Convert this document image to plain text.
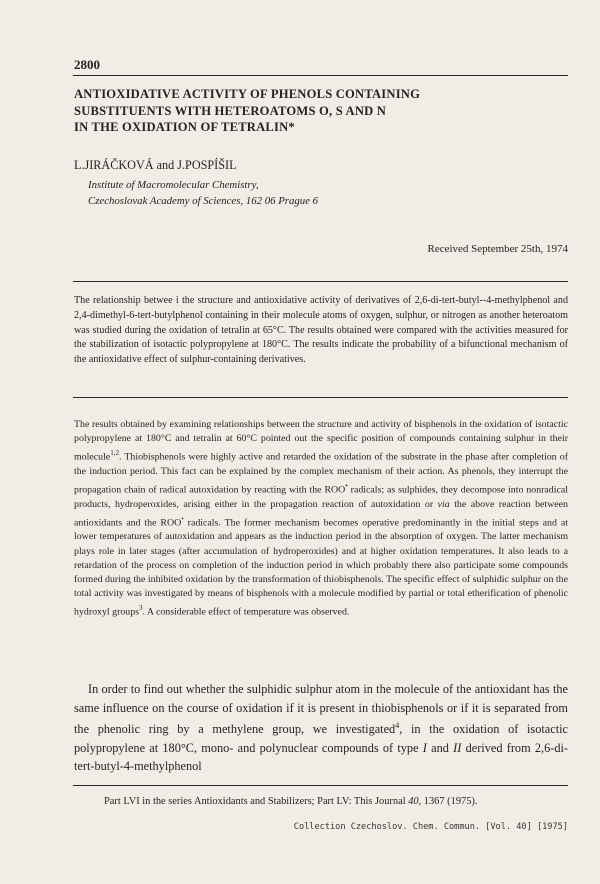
2800
ANTIOXIDATIVE ACTIVITY OF PHENOLS CONTAINING
SUBSTITUENTS WITH HETEROATOMS O, S AND N
IN THE OXIDATION OF TETRALIN*
L.JIRÁČKOVÁ and J.POSPÍŠIL
Institute of Macromolecular Chemistry,
Czechoslovak Academy of Sciences, 162 06 Prague 6
Received September 25th, 1974

The relationship betwee i the structure and antioxidative activity of derivatives of 2,6-di-tert-butyl--4-methylphenol and 2,4-dimethyl-6-tert-butylphenol containing in their molecule atoms of oxygen, sulphur, or nitrogen as another heteroatom was studied during the oxidation of tetralin at 65°C. The results obtained were compared with the activities measured for the stabilization of isotactic polypropylene at 180°C. The results indicate the probability of a bifunctional mechanism of the antioxidative effect of sulphur-containing derivatives.

The results obtained by examining relationships between the structure and activity of bisphenols in the oxidation of isotactic polypropylene at 180°C and tetralin at 60°C pointed out the specific position of compounds containing sulphur in their molecule$^{1,2}$. Thiobisphenols were highly active and retarded the oxidation of the substrate in the phase after completion of the induction period. This fact can be explained by the complex mechanism of their action. As phenols, they interrupt the propagation chain of radical autoxidation by reacting with the ROO• radicals; as sulphides, they decompose into nonradical products, hydroperoxides, arising either in the propagation reaction of autoxidation or via the above reaction between antioxidants and the ROO• radicals. The former mechanism becomes operative predominantly in the initial steps and at lower temperatures of autoxidation and appears as the induction period in the absorption of oxygen. The latter mechanism plays role in later stages (after accumulation of hydroperoxides) and at higher oxidation temperatures. It also leads to a retardation of the process on completion of the induction period in which probably there also participate some compounds formed during the inhibited oxidation by the transformation of thiobisphenols. The specific effect of sulphidic sulphur on the total activity was investigated by means of bisphenols with a molecule modified by partial or total etherification of phenolic hydroxyl groups$^3$. A considerable effect of temperature was observed.

In order to find out whether the sulphidic sulphur atom in the molecule of the antioxidant has the same influence on the course of oxidation if it is present in thiobisphenols or if it is separated from the phenolic ring by a methylene group, we investigated$^4$, in the oxidation of isotactic polypropylene at 180°C, mono- and polynuclear compounds of type I and II derived from 2,6-di-tert-butyl-4-methylphenol

Part LVI in the series Antioxidants and Stabilizers; Part LV: This Journal 40, 1367 (1975).
Collection Czechoslov. Chem. Commun. [Vol. 40] [1975]
